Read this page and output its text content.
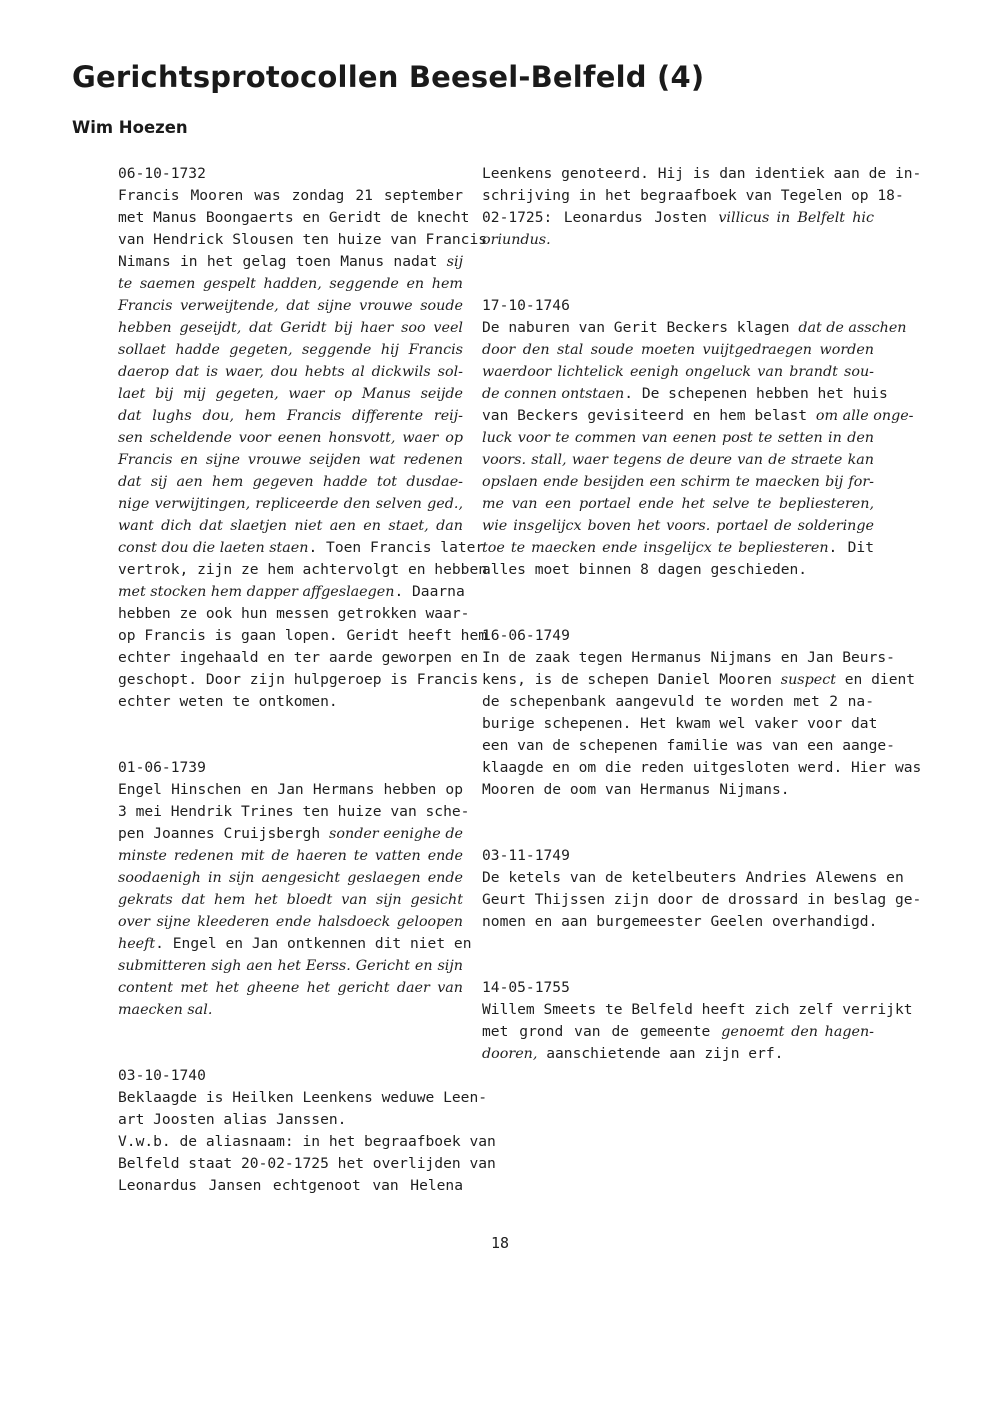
Gerichtsprotocollen Beesel-Belfeld (4)
Wim Hoezen
06-10-1732
Francis Mooren was zondag 21 september
met Manus Boongaerts en Geridt de knecht
van Hendrick Slousen ten huize van Francis
Nimans in het gelag toen Manus nadat sij
te saemen gespelt hadden, seggende en hem
Francis verweijtende, dat sijne vrouwe soude
hebben geseijdt, dat Geridt bij haer soo veel
sollaet hadde gegeten, seggende hij Francis
daerop dat is waer, dou hebts al dickwils sol-
laet bij mij gegeten, waer op Manus seijde
dat lughs dou, hem Francis differente reij-
sen scheldende voor eenen honsvott, waer op
Francis en sijne vrouwe seijden wat redenen
dat sij aen hem gegeven hadde tot dusdae-
nige verwijtingen, repliceerde den selven ged.,
want dich dat slaetjen niet aen en staet, dan
const dou die laeten staen. Toen Francis later
vertrok, zijn ze hem achtervolgt en hebben
met stocken hem dapper affgeslaegen. Daarna
hebben ze ook hun messen getrokken waar-
op Francis is gaan lopen. Geridt heeft hem
echter ingehaald en ter aarde geworpen en
geschopt. Door zijn hulpgeroep is Francis
echter weten te ontkomen.
01-06-1739
Engel Hinschen en Jan Hermans hebben op
3 mei Hendrik Trines ten huize van sche-
pen Joannes Cruijsbergh sonder eenighe de
minste redenen mit de haeren te vatten ende
soodaenigh in sijn aengesicht geslaegen ende
gekrats dat hem het bloedt van sijn gesicht
over sijne kleederen ende halsdoeck geloopen
heeft. Engel en Jan ontkennen dit niet en
submitteren sigh aen het Eerss. Gericht en sijn
content met het gheene het gericht daer van
maecken sal.
03-10-1740
Beklaagde is Heilken Leenkens weduwe Leen-
art Joosten alias Janssen.
V.w.b. de aliasnaam: in het begraafboek van
Belfeld staat 20-02-1725 het overlijden van
Leonardus Jansen echtgenoot van Helena
Leenkens genoteerd. Hij is dan identiek aan de in-
schrijving in het begraafboek van Tegelen op 18-
02-1725: Leonardus Josten villicus in Belfelt hic
oriundus.
17-10-1746
De naburen van Gerit Beckers klagen dat de asschen
door den stal soude moeten vuijtgedraegen worden
waerdoor lichtelick eenigh ongeluck van brandt sou-
de connen ontstaen. De schepenen hebben het huis
van Beckers gevisiteerd en hem belast om alle onge-
luck voor te commen van eenen post te setten in den
voors. stall, waer tegens de deure van de straete kan
opslaen ende besijden een schirm te maecken bij for-
me van een portael ende het selve te bepliesteren,
wie insgelijcx boven het voors. portael de solderinge
toe te maecken ende insgelijcx te bepliesteren. Dit
alles moet binnen 8 dagen geschieden.
16-06-1749
In de zaak tegen Hermanus Nijmans en Jan Beurs-
kens, is de schepen Daniel Mooren suspect en dient
de schepenbank aangevuld te worden met 2 na-
burige schepenen. Het kwam wel vaker voor dat
een van de schepenen familie was van een aange-
klaagde en om die reden uitgesloten werd. Hier was
Mooren de oom van Hermanus Nijmans.
03-11-1749
De ketels van de ketelbeuters Andries Alewens en
Geurt Thijssen zijn door de drossard in beslag ge-
nomen en aan burgemeester Geelen overhandigd.
14-05-1755
Willem Smeets te Belfeld heeft zich zelf verrijkt
met grond van de gemeente genoemt den hagen-
dooren, aanschietende aan zijn erf.
18
